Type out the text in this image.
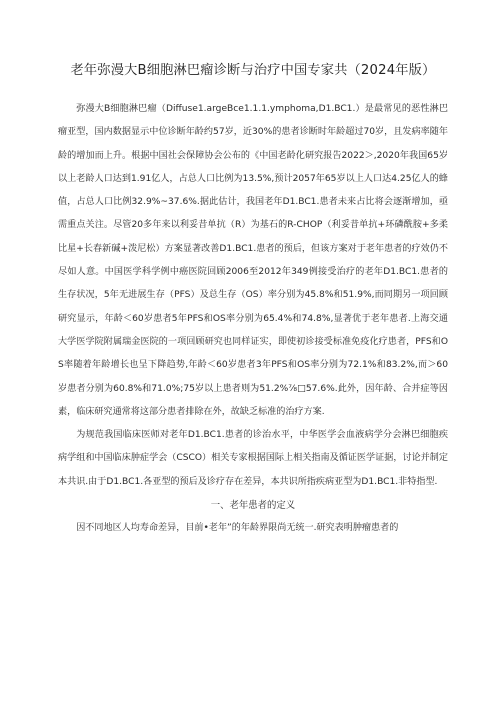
老年弥漫大B细胞淋巴瘤诊断与治疗中国专家共（2024年版）

弥漫大B细胞淋巴瘤（Diffuse1.argeBce1.1.1.ymphoma,D1.BC1.）是最常见的恶性淋巴瘤亚型，国内数据显示中位诊断年龄约57岁，近30%的患者诊断时年龄超过70岁，且发病率随年龄的增加而上升。根据中国社会保障协会公布的《中国老龄化研究报告2022＞,2020年我国65岁以上老龄人口达到1.91亿人，占总人口比例为13.5%,预计2057年65岁以上人口达4.25亿人的蜂值，占总人口比例32.9%~37.6%.据此估计，我国老年D1.BC1.患者未来占比将会逐渐增加，亟需重点关注。尽管20多年来以利妥昔单抗（R）为基石的R-CHOP（利妥昔单抗+环磷酰胺+多柔比星+长春新碱+泼尼松）方案显著改善D1.BC1.患者的预后，但该方案对于老年患者的疗效仍不尽如人意。中国医学科学例中癌医院回顾2006至2012年349例接受治疗的老年D1.BC1.患者的生存状况，5年无进展生存（PFS）及总生存（OS）率分别为45.8%和51.9%,而同期另一项回顾研究显示，年龄＜60岁患者5年PFS和OS率分别为65.4%和74.8%,显著优于老年患者.上海交通大学医学院附属瑞金医院的一项回顾研究也同样证实，即使初诊接受标准免疫化疗患者，PFS和OS率随着年龄增长也呈下降趋势,年龄＜60岁患者3年PFS和OS率分别为72.1%和83.2%,而＞60岁患者分别为60.8%和71.0%;75岁以上患者则为51.2%⅞□57.6%.此外，因年龄、合并症等因素，临床研究通常将这部分患者排除在外，故缺乏标准的治疗方案.

为规范我国临床医师对老年D1.BC1.患者的诊治水平，中华医学会血液病学分会淋巴细胞疾病学组和中国临床肿症学会（CSCO）相关专家根据国际上相关指南及循证医学证据，讨论并制定本共识.由于D1.BC1.各亚型的预后及诊疗存在差异，本共识所指疾病亚型为D1.BC1.非特指型.

一、老年患者的定义

因不同地区人均寿命差异，目前•老年”的年龄界限尚无统一.研究表明肿瘤患者的
